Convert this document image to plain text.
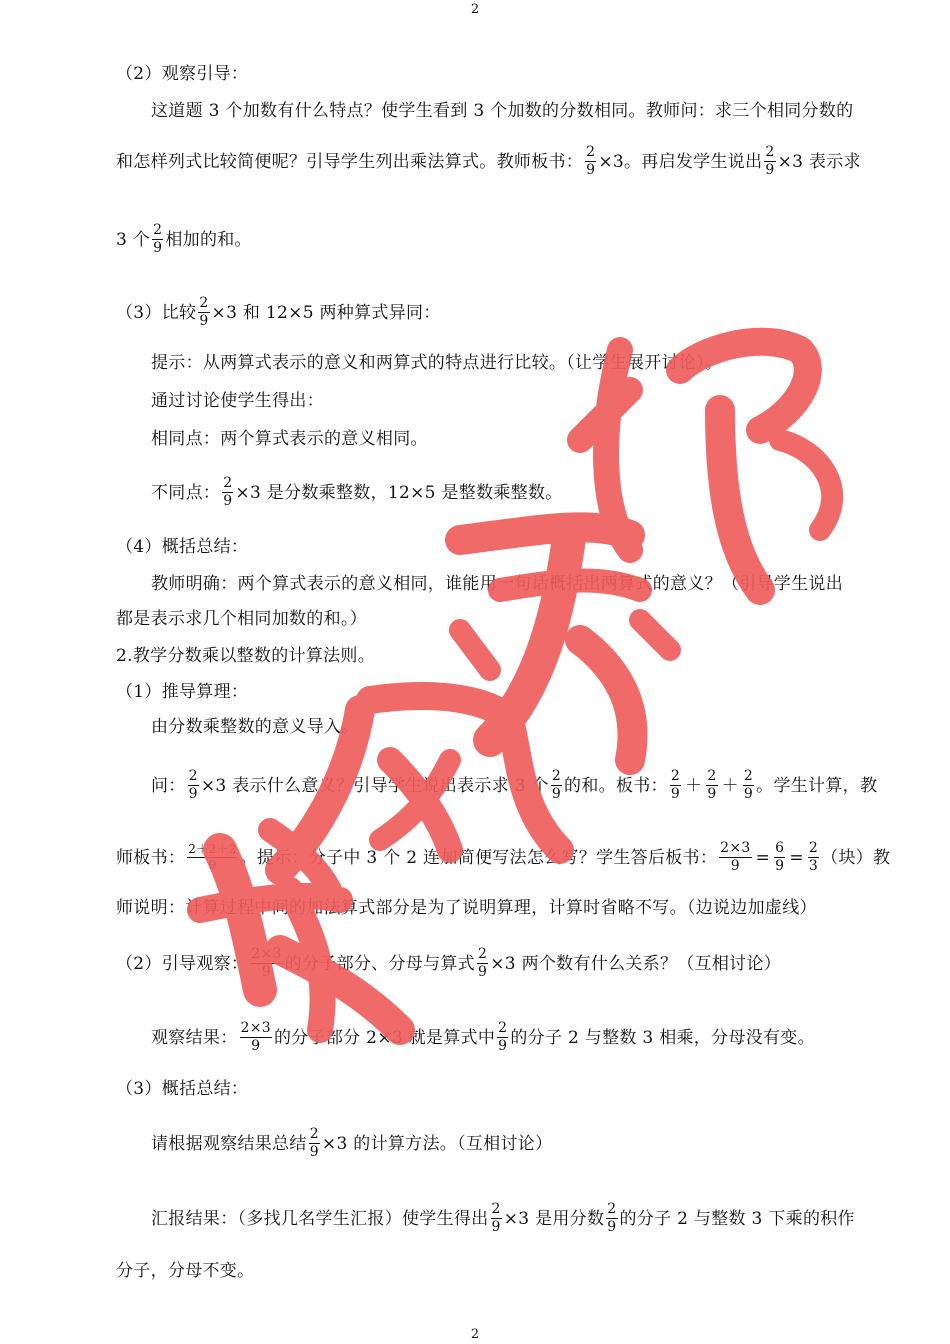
2
（2）观察引导：
这道题 3 个加数有什么特点？使学生看到 3 个加数的分数相同。教师问：求三个相同分数的
和怎样列式比较简便呢？引导学生列出乘法算式。教师板书： $\frac{2}{9} \times 3$。再启发学生说出 $\frac{2}{9} \times 3$ 表示求
3 个 $\frac{2}{9}$ 相加的和。
（3）比较 $\frac{2}{9} \times 3$ 和 12×5 两种算式异同：
提示：从两算式表示的意义和两算式的特点进行比较。（让学生展开讨论）。
通过讨论使学生得出：
相同点：两个算式表示的意义相同。
不同点： $\frac{2}{9} \times 3$ 是分数乘整数，12×5 是整数乘整数。
（4）概括总结：
教师明确：两个算式表示的意义相同，谁能用一句话概括出两算式的意义？（引导学生说出
都是表示求几个相同加数的和。）
2.教学分数乘以整数的计算法则。
（1）推导算理：
由分数乘整数的意义导入。
问： $\frac{2}{9} \times 3$ 表示什么意义？引导学生说出表示求 3 个 $\frac{2}{9}$ 的和。板书： $\frac{2}{9} + \frac{2}{9} + \frac{2}{9}$ 。学生计算，教
师板书： $\frac{2+2+2}{9}$ 。提示：分子中 3 个 2 连加简便写法怎么写？学生答后板书： $\frac{2\times 3}{9} = \frac{6}{9} = \frac{2}{3}$ （块）教
师说明：计算过程中间的加法算式部分是为了说明算理，计算时省略不写。（边说边加虚线）
（2）引导观察： $\frac{2\times 3}{9}$ 的分子部分、分母与算式 $\frac{2}{9} \times 3$ 两个数有什么关系？（互相讨论）
观察结果： $\frac{2\times 3}{9}$ 的分子部分 2×3 就是算式中 $\frac{2}{9}$ 的分子 2 与整数 3 相乘，分母没有变。
（3）概括总结：
请根据观察结果总结 $\frac{2}{9} \times 3$ 的计算方法。（互相讨论）
汇报结果：（多找几名学生汇报）使学生得出 $\frac{2}{9} \times 3$ 是用分数 $\frac{2}{9}$ 的分子 2 与整数 3 下乘的积作
分子，分母不变。
2
